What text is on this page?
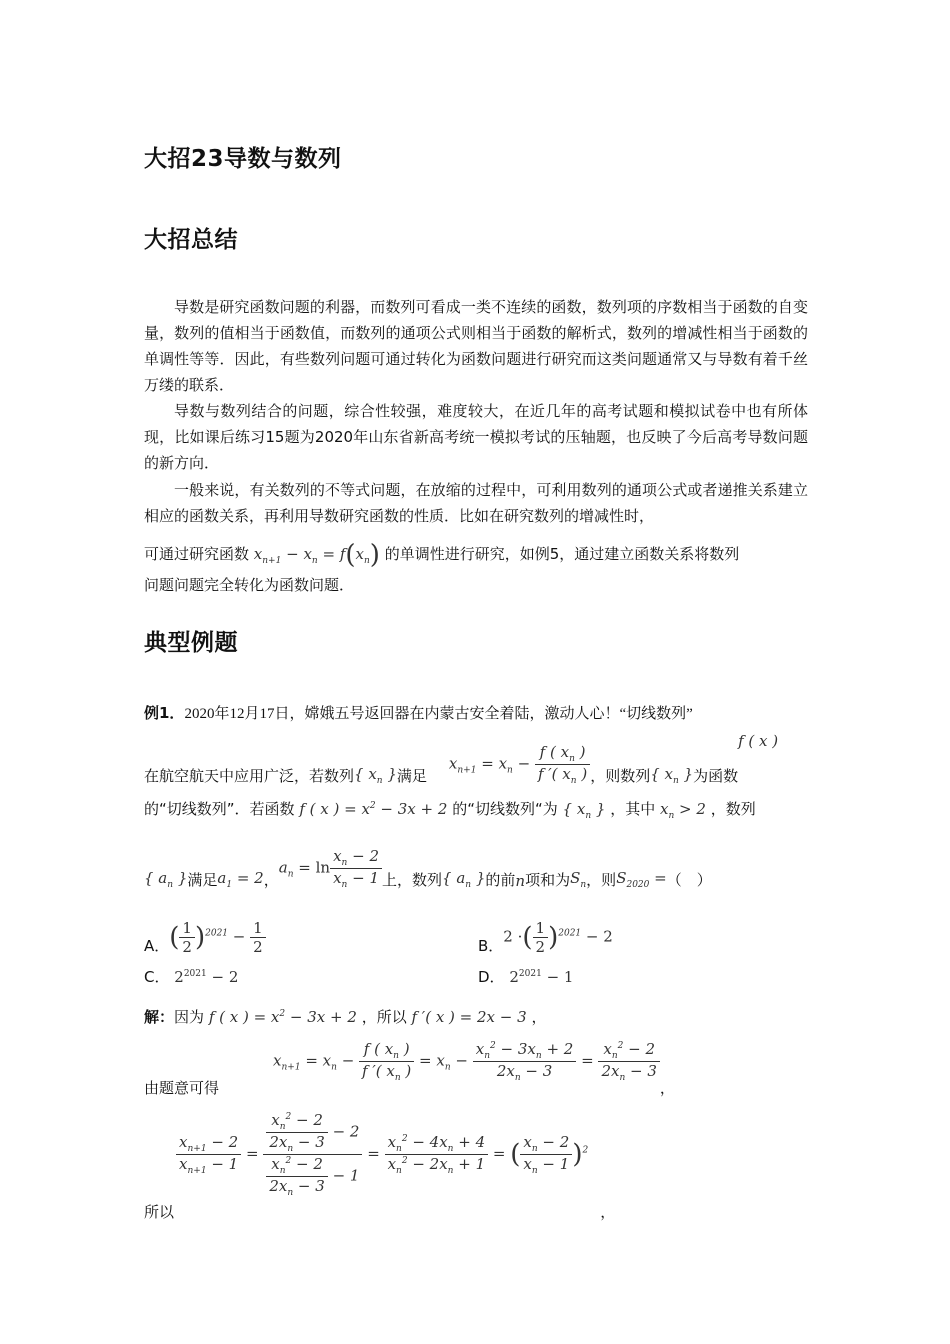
大招23导数与数列
大招总结
导数是研究函数问题的利器，而数列可看成一类不连续的函数，数列项的序数相当于函数的自变量，数列的值相当于函数值，而数列的通项公式则相当于函数的解析式，数列的增减性相当于函数的单调性等等．因此，有些数列问题可通过转化为函数问题进行研究而这类问题通常又与导数有着千丝万缕的联系．
导数与数列结合的问题，综合性较强，难度较大，在近几年的高考试题和模拟试卷中也有所体现，比如课后练习15题为2020年山东省新高考统一模拟考试的压轴题，也反映了今后高考导数问题的新方向．
一般来说，有关数列的不等式问题，在放缩的过程中，可利用数列的通项公式或者递推关系建立相应的函数关系，再利用导数研究函数的性质．比如在研究数列的增减性时，
可通过研究函数 $x_{n+1} - x_n = f(x_n)$ 的单调性进行研究，如例5，通过建立函数关系将数列
问题问题完全转化为函数问题．
典型例题
例1．2020年12月17日，嫦娥五号返回器在内蒙古安全着陆，激动人心！“切线数列”
在航空航天中应用广泛，若数列 { $x_n$ } 满足
$x_{n+1} = x_n - \frac{f ( x_n )}{f '( x_n )}$ ，则数列 { $x_n$ } 为函数
f ( x )
的“切线数列”．若函数 f ( x ) = $x^2 - 3x + 2$ 的“切线数列“为 { $x_n$ } ，其中 $x_n > 2$ ，数列
{ $a_n$ } 满足 $a_1 = 2$ ，
$a_n = \ln \frac{x_n - 2}{x_n - 1}$ 上，数列 { $a_n$ } 的前 n 项和为 $S_n$ ，则 $S_{2020}$ = （　）
A． ( $\frac{1}{2} )^{2021} - \frac{1}{2}$	B．
2 ·( $\frac{1}{2} )^{2021} - 2$
C． $2^{2021} - 2$	D． $2^{2021} - 1$
解：因为 f ( x ) = $x^2 - 3x + 2$ ，所以 f ′( x ) = 2x − 3 ，
由题意可得
$x_{n+1} = x_n - \frac{f ( x_n )}{f '( x_n )} = x_n - \frac{x_n^2 - 3x_n + 2}{2x_n - 3} = \frac{x_n^2 - 2}{2x_n - 3}$
，
所以
$\frac{x_{n+1} - 2}{x_{n+1} - 1} = \frac{\frac{x_n^2 - 2}{2x_n - 3} - 2}{\frac{x_n^2 - 2}{2x_n - 3} - 1} = \frac{x_n^2 - 4x_n + 4}{x_n^2 - 2x_n + 1}$ = ( $\frac{x_n - 2}{x_n - 1} )^2$
，
